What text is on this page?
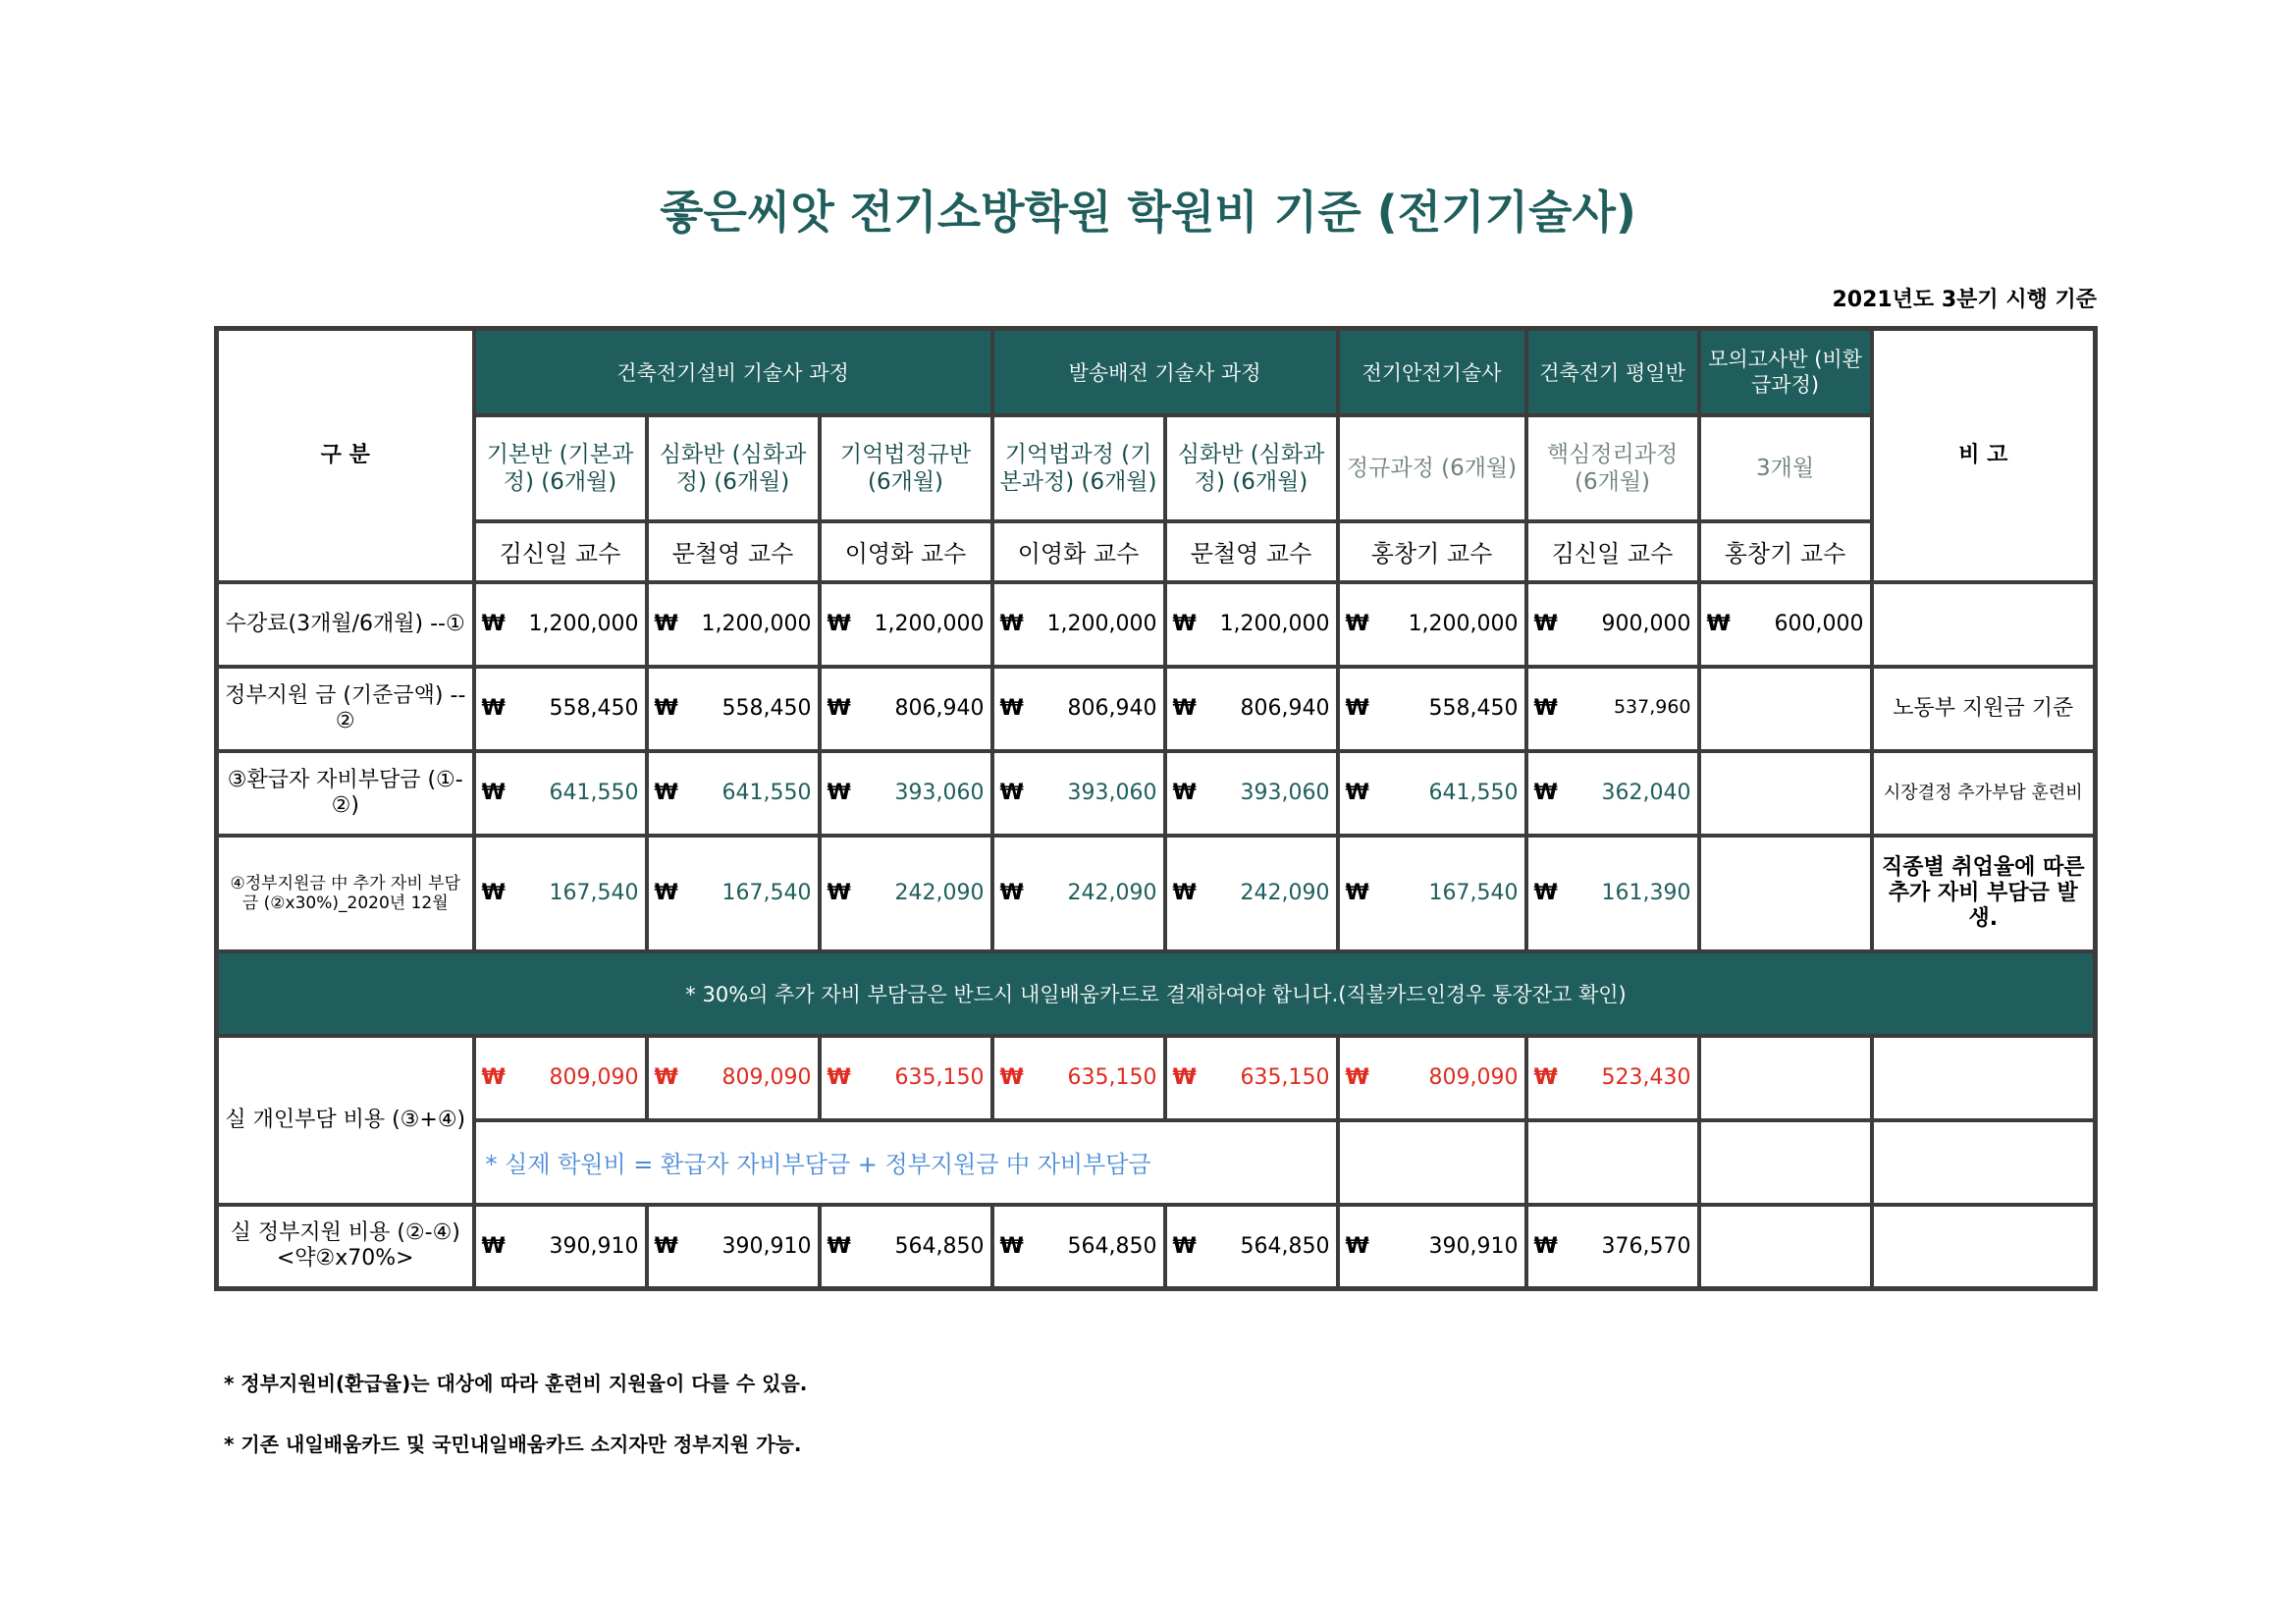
좋은씨앗 전기소방학원 학원비 기준 (전기기술사)
2021년도 3분기 시행 기준
구 분	건축전기설비 기술사 과정			발송배전 기술사 과정		전기안전기술사	건축전기 평일반	모의고사반 (비환급과정)	비 고
	기본반 (기본과정) (6개월)	심화반 (심화과정) (6개월)	기억법정규반 (6개월)	기억법과정 (기본과정) (6개월)	심화반 (심화과정) (6개월)	정규과정 (6개월)	핵심정리과정 (6개월)	3개월	
	김신일 교수	문철영 교수	이영화 교수	이영화 교수	문철영 교수	홍창기 교수	김신일 교수	홍창기 교수	
수강료(3개월/6개월) --①	₩ 1,200,000	₩ 1,200,000	₩ 1,200,000	₩ 1,200,000	₩ 1,200,000	₩ 1,200,000	₩ 900,000	₩ 600,000	

정부지원 금 (기준금액) --②	₩ 558,450	₩ 558,450	₩ 806,940	₩ 806,940	₩ 806,940	₩ 558,450	₩ 537,960		노동부 지원금 기준
③환급자 자비부담금 (①-②)	₩ 641,550	₩ 641,550	₩ 393,060	₩ 393,060	₩ 393,060	₩ 641,550	₩ 362,040		시장결정 추가부담 훈련비
④정부지원금 中 추가 자비 부담금 (②x30%)_2020년 12월	₩ 167,540	₩ 167,540	₩ 242,090	₩ 242,090	₩ 242,090	₩ 167,540	₩ 161,390		직종별 취업율에 따른 추가 자비 부담금 발생.
* 30%의 추가 자비 부담금은 반드시 내일배움카드로 결재하여야 합니다.(직불카드인경우 통장잔고 확인)									
실 개인부담 비용 (③+④)	₩ 809,090	₩ 809,090	₩ 635,150	₩ 635,150	₩ 635,150	₩ 809,090	₩ 523,430		

	* 실제 학원비 = 환급자 자비부담금 + 정부지원금 中 자비부담금								
실 정부지원 비용 (②-④) <약②x70%>	₩ 390,910	₩ 390,910	₩ 564,850	₩ 564,850	₩ 564,850	₩ 390,910	₩ 376,570		

* 정부지원비(환급율)는 대상에 따라 훈련비 지원율이 다를 수 있음.
* 기존 내일배움카드 및 국민내일배움카드 소지자만 정부지원 가능.
